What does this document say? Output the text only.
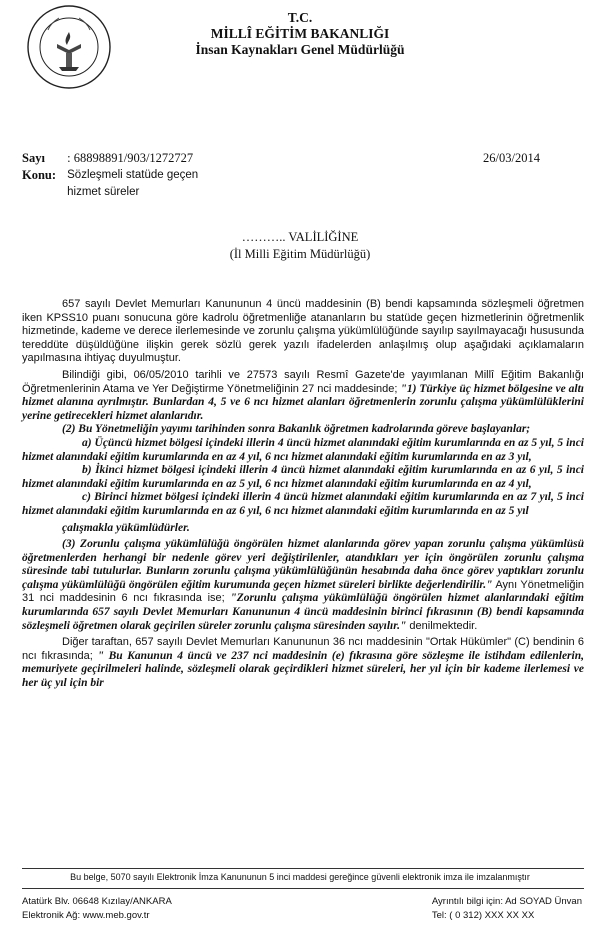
T.C.
MİLLÎ EĞİTİM BAKANLIĞI
İnsan Kaynakları Genel Müdürlüğü
Sayı : 68898891/903/1272727	26/03/2014
Konu: Sözleşmeli statüde geçen
hizmet süreler
……….. VALİLİĞİNE
(İl Milli Eğitim Müdürlüğü)

657 sayılı Devlet Memurları Kanununun 4 üncü maddesinin (B) bendi kapsamında sözleşmeli öğretmen iken KPSS10 puanı sonucuna göre kadrolu öğretmenliğe atananların bu statüde geçen hizmetlerinin öğretmenlik hizmetinde, kademe ve derece ilerlemesinde ve zorunlu çalışma yükümlülüğünde sayılıp sayılmayacağı hususunda tereddüte düşüldüğüne ilişkin gerek sözlü gerek yazılı ifadelerden anlaşılmış olup aşağıdaki açıklamaların yapılmasına ihtiyaç duyulmuştur.

Bilindiği gibi, 06/05/2010 tarihli ve 27573 sayılı Resmî Gazete'de yayımlanan Millî Eğitim Bakanlığı Öğretmenlerinin Atama ve Yer Değiştirme Yönetmeliğinin 27 nci maddesinde; "1) Türkiye üç hizmet bölgesine ve altı hizmet alanına ayrılmıştır. Bunlardan 4, 5 ve 6 ncı hizmet alanları öğretmenlerin zorunlu çalışma yükümlülüklerini yerine getirecekleri hizmet alanlarıdır.

(2) Bu Yönetmeliğin yayımı tarihinden sonra Bakanlık öğretmen kadrolarında göreve başlayanlar;

a) Üçüncü hizmet bölgesi içindeki illerin 4 üncü hizmet alanındaki eğitim kurumlarında en az 5 yıl, 5 inci hizmet alanındaki eğitim kurumlarında en az 4 yıl, 6 ncı hizmet alanındaki eğitim kurumlarında en az 3 yıl,

b) İkinci hizmet bölgesi içindeki illerin 4 üncü hizmet alanındaki eğitim kurumlarında en az 6 yıl, 5 inci hizmet alanındaki eğitim kurumlarında en az 5 yıl, 6 ncı hizmet alanındaki eğitim kurumlarında en az 4 yıl,

c) Birinci hizmet bölgesi içindeki illerin 4 üncü hizmet alanındaki eğitim kurumlarında en az 7 yıl, 5 inci hizmet alanındaki eğitim kurumlarında en az 6 yıl, 6 ncı hizmet alanındaki eğitim kurumlarında en az 5 yıl

çalışmakla yükümlüdürler.

(3) Zorunlu çalışma yükümlülüğü öngörülen hizmet alanlarında görev yapan zorunlu çalışma yükümlüsü öğretmenlerden herhangi bir nedenle görev yeri değiştirilenler, atandıkları yer için öngörülen zorunlu çalışma süresinde tabi tutulurlar. Bunların zorunlu çalışma yükümlülüğünün hesabında daha önce görev yaptıkları zorunlu çalışma yükümlülüğü öngörülen eğitim kurumunda geçen hizmet süreleri birlikte değerlendirilir." Aynı Yönetmeliğin 31 nci maddesinin 6 ncı fıkrasında ise; "Zorunlu çalışma yükümlülüğü öngörülen hizmet alanlarındaki eğitim kurumlarında 657 sayılı Devlet Memurları Kanununun 4 üncü maddesinin birinci fıkrasının (B) bendi kapsamında sözleşmeli öğretmen olarak geçirilen süreler zorunlu çalışma süresinden sayılır." denilmektedir.

Diğer taraftan, 657 sayılı Devlet Memurları Kanununun 36 ncı maddesinin "Ortak Hükümler" (C) bendinin 6 ncı fıkrasında; " Bu Kanunun 4 üncü ve 237 nci maddesinin (e) fıkrasına göre sözleşme ile istihdam edilenlerin, memuriyete geçirilmeleri halinde, sözleşmeli olarak geçirdikleri hizmet süreleri, her yıl için bir kademe ilerlemesi ve her üç yıl için bir

Bu belge, 5070 sayılı Elektronik İmza Kanununun 5 inci maddesi gereğince güvenli elektronik imza ile imzalanmıştır
Atatürk Blv. 06648 Kızılay/ANKARA
Elektronik Ağ: www.meb.gov.tr
Ayrıntılı bilgi için: Ad SOYAD Ünvan
Tel: ( 0 312) XXX XX XX
